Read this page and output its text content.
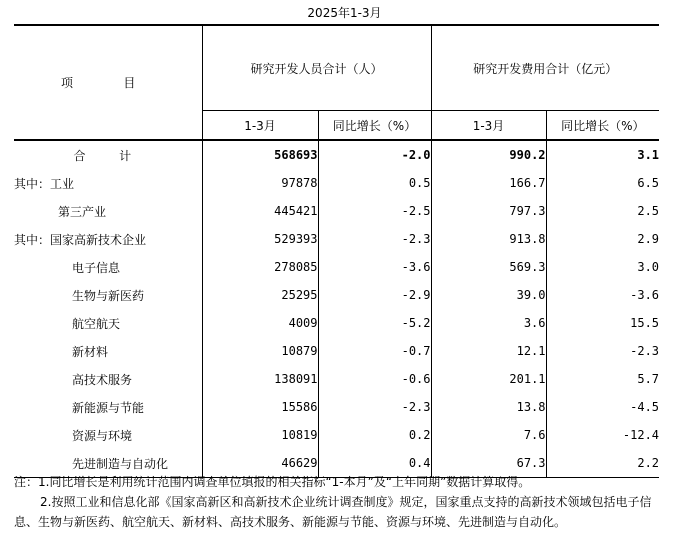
2025年1-3月
项　目	研究开发人员合计（人）		研究开发费用合计（亿元）	
	1-3月	同比增长（%）	1-3月	同比增长（%）
合　计	568693	-2.0	990.2	3.1
其中：工业	97878	0.5	166.7	6.5
第三产业	445421	-2.5	797.3	2.5
其中：国家高新技术企业	529393	-2.3	913.8	2.9
电子信息	278085	-3.6	569.3	3.0
生物与新医药	25295	-2.9	39.0	-3.6
航空航天	4009	-5.2	3.6	15.5
新材料	10879	-0.7	12.1	-2.3
高技术服务	138091	-0.6	201.1	5.7
新能源与节能	15586	-2.3	13.8	-4.5
资源与环境	10819	0.2	7.6	-12.4
先进制造与自动化	46629	0.4	67.3	2.2

注：1.同比增长是利用统计范围内调查单位填报的相关指标“1-本月”及“上年同期”数据计算取得。

2.按照工业和信息化部《国家高新区和高新技术企业统计调查制度》规定，国家重点支持的高新技术领域包括电子信息、生物与新医药、航空航天、新材料、高技术服务、新能源与节能、资源与环境、先进制造与自动化。
